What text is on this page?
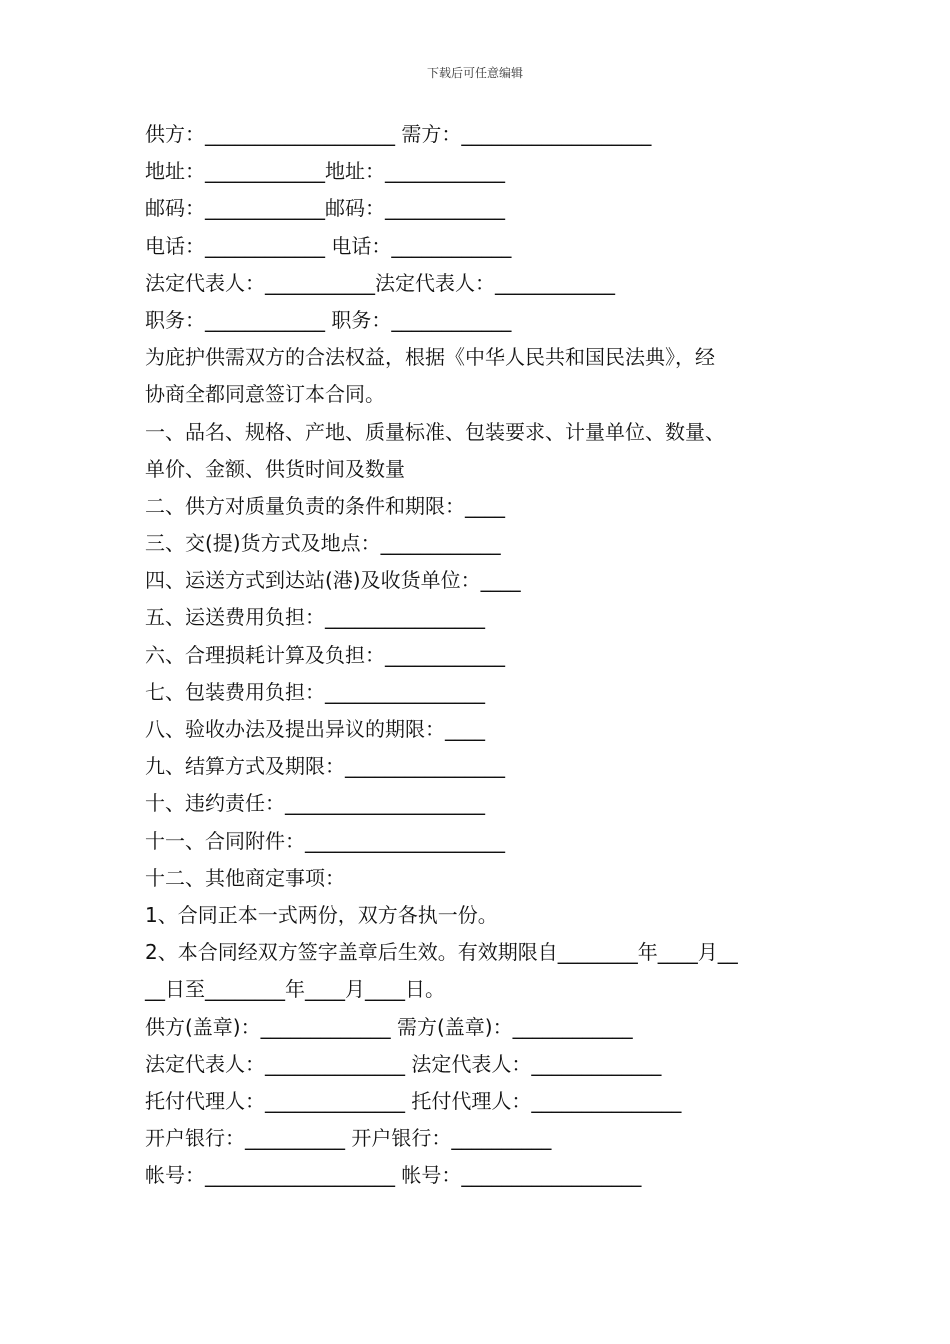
下载后可任意编辑
供方：___________________ 需方：___________________
地址：____________地址：____________
邮码：____________邮码：____________
电话：____________ 电话：____________
法定代表人：___________法定代表人：____________
职务：____________ 职务：____________
为庇护供需双方的合法权益，根据《中华人民共和国民法典》，经
协商全都同意签订本合同。
一、品名、规格、产地、质量标准、包装要求、计量单位、数量、
单价、金额、供货时间及数量
二、供方对质量负责的条件和期限：____
三、交(提)货方式及地点：____________
四、运送方式到达站(港)及收货单位：____
五、运送费用负担：________________
六、合理损耗计算及负担：____________
七、包装费用负担：________________
八、验收办法及提出异议的期限：____
九、结算方式及期限：________________
十、违约责任：____________________
十一、合同附件：____________________
十二、其他商定事项：
1、合同正本一式两份，双方各执一份。
2、本合同经双方签字盖章后生效。有效期限自________年____月__
__日至________年____月____日。
供方(盖章)：_____________ 需方(盖章)：____________
法定代表人：______________ 法定代表人：_____________
托付代理人：______________ 托付代理人：_______________
开户银行：__________ 开户银行：__________
帐号：___________________ 帐号：__________________
